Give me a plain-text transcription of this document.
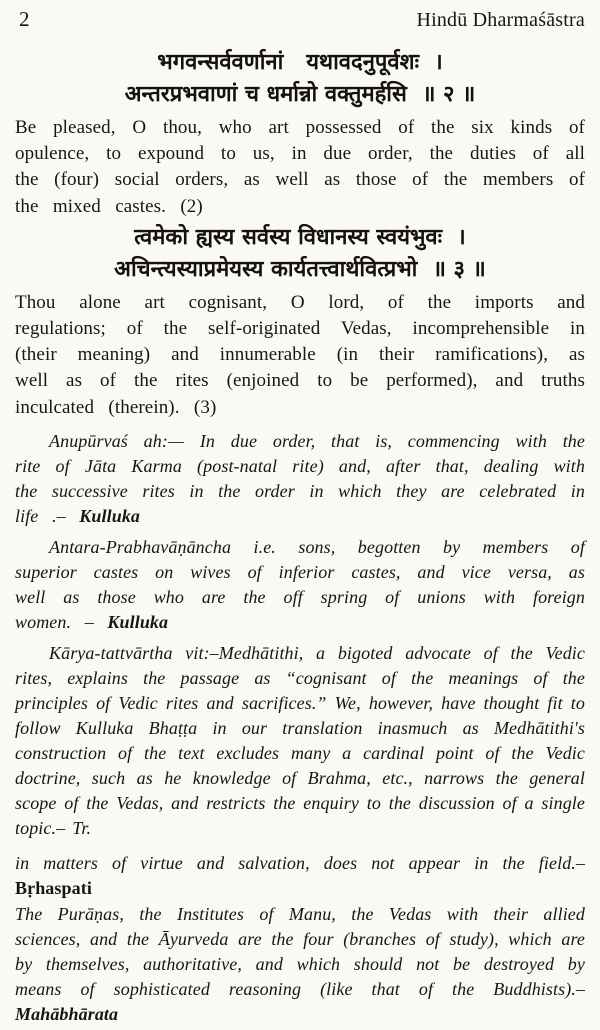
2	Hindū Dharmaśāstra
भगवन्सर्ववर्णानां   यथावदनुपूर्वशः  ।
अन्तरप्रभवाणां च धर्मान्नो वक्तुमर्हसि  ॥ २ ॥

Be pleased, O thou, who art possessed of the six kinds of opulence, to expound to us, in due order, the duties of all the (four) social orders, as well as those of the members of the mixed castes. (2)

त्वमेको ह्यस्य सर्वस्य विधानस्य स्वयंभुवः  ।
अचिन्त्यस्याप्रमेयस्य कार्यतत्त्वार्थवित्प्रभो  ॥ ३ ॥

Thou alone art cognisant, O lord, of the imports and regulations; of the self-originated Vedas, incomprehensible in (their meaning) and innumerable (in their ramifications), as well as of the rites (enjoined to be performed), and truths inculcated (therein). (3)

Anupūrvaś ah:— In due order, that is, commencing with the rite of Jāta Karma (post-natal rite) and, after that, dealing with the successive rites in the order in which they are celebrated in life .– Kulluka

Antara-Prabhavāṇāncha i.e. sons, begotten by members of superior castes on wives of inferior castes, and vice versa, as well as those who are the off spring of unions with foreign women. – Kulluka

Kārya-tattvārtha vit:–Medhātithi, a bigoted advocate of the Vedic rites, explains the passage as “cognisant of the meanings of the principles of Vedic rites and sacrifices.” We, however, have thought fit to follow Kulluka Bhaṭṭa in our translation inasmuch as Medhātithi's construction of the text excludes many a cardinal point of the Vedic doctrine, such as he knowledge of Brahma, etc., narrows the general scope of the Vedas, and restricts the enquiry to the discussion of a single topic.– Tr.

in matters of virtue and salvation, does not appear in the field.–Bṛhaspati

The Purāṇas, the Institutes of Manu, the Vedas with their allied sciences, and the Āyurveda are the four (branches of study), which are by themselves, authoritative, and which should not be destroyed by means of sophisticated reasoning (like that of the Buddhists).– Mahābhārata
